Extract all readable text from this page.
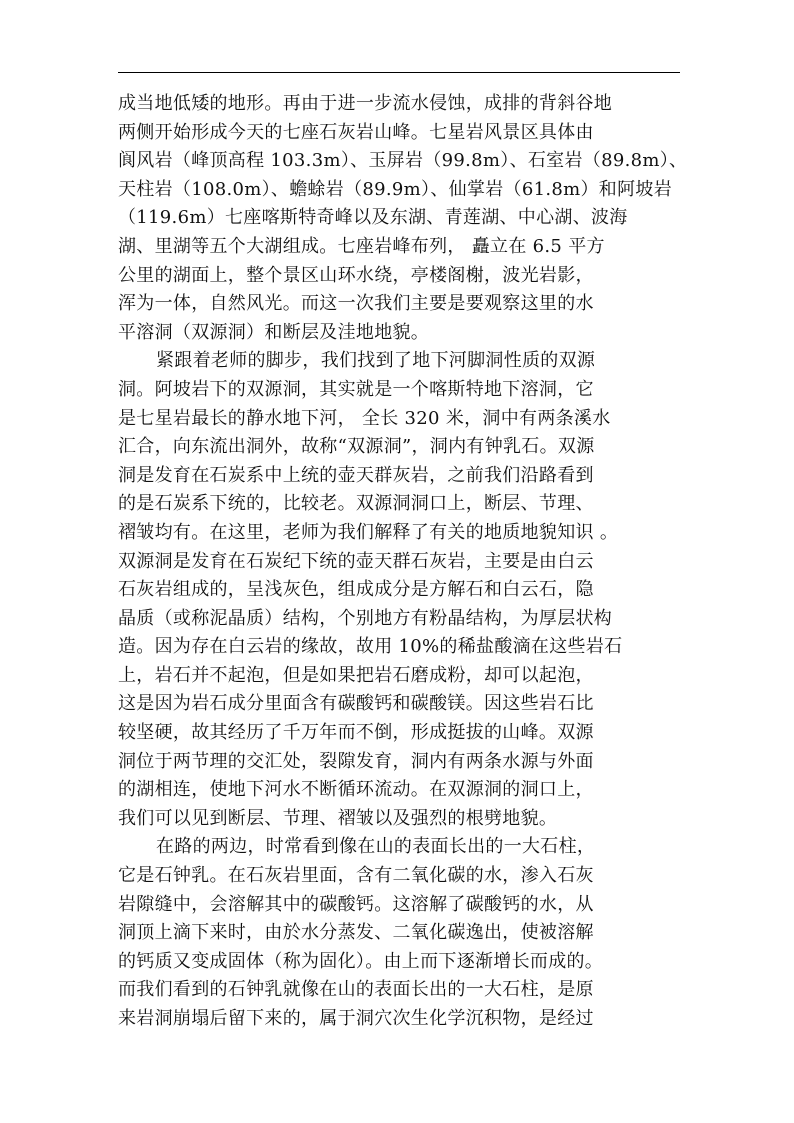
成当地低矮的地形。再由于进一步流水侵蚀，成排的背斜谷地
两侧开始形成今天的七座石灰岩山峰。七星岩风景区具体由
阆风岩（峰顶高程 103.3m）、玉屏岩（99.8m）、石室岩（89.8m）、
天柱岩（108.0m）、蟾蜍岩（89.9m）、仙掌岩（61.8m）和阿坡岩
（119.6m）七座喀斯特奇峰以及东湖、青莲湖、中心湖、波海
湖、里湖等五个大湖组成。七座岩峰布列， 矗立在 6.5 平方
公里的湖面上，整个景区山环水绕，亭楼阁榭，波光岩影，
浑为一体，自然风光。而这一次我们主要是要观察这里的水
平溶洞（双源洞）和断层及洼地地貌。
紧跟着老师的脚步，我们找到了地下河脚洞性质的双源
洞。阿坡岩下的双源洞，其实就是一个喀斯特地下溶洞，它
是七星岩最长的静水地下河， 全长 320 米，洞中有两条溪水
汇合，向东流出洞外，故称“双源洞”，洞内有钟乳石。双源
洞是发育在石炭系中上统的壶天群灰岩，之前我们沿路看到
的是石炭系下统的，比较老。双源洞洞口上，断层、节理、
褶皱均有。在这里，老师为我们解释了有关的地质地貌知识 。
双源洞是发育在石炭纪下统的壶天群石灰岩，主要是由白云
石灰岩组成的，呈浅灰色，组成成分是方解石和白云石，隐
晶质（或称泥晶质）结构，个别地方有粉晶结构，为厚层状构
造。因为存在白云岩的缘故，故用 10%的稀盐酸滴在这些岩石
上，岩石并不起泡，但是如果把岩石磨成粉，却可以起泡，
这是因为岩石成分里面含有碳酸钙和碳酸镁。因这些岩石比
较坚硬，故其经历了千万年而不倒，形成挺拔的山峰。双源
洞位于两节理的交汇处，裂隙发育，洞内有两条水源与外面
的湖相连，使地下河水不断循环流动。在双源洞的洞口上，
我们可以见到断层、节理、褶皱以及强烈的根劈地貌。
在路的两边，时常看到像在山的表面长出的一大石柱，
它是石钟乳。在石灰岩里面，含有二氧化碳的水，渗入石灰
岩隙缝中，会溶解其中的碳酸钙。这溶解了碳酸钙的水，从
洞顶上滴下来时，由於水分蒸发、二氧化碳逸出，使被溶解
的钙质又变成固体（称为固化）。由上而下逐渐增长而成的。
而我们看到的石钟乳就像在山的表面长出的一大石柱，是原
来岩洞崩塌后留下来的，属于洞穴次生化学沉积物，是经过
